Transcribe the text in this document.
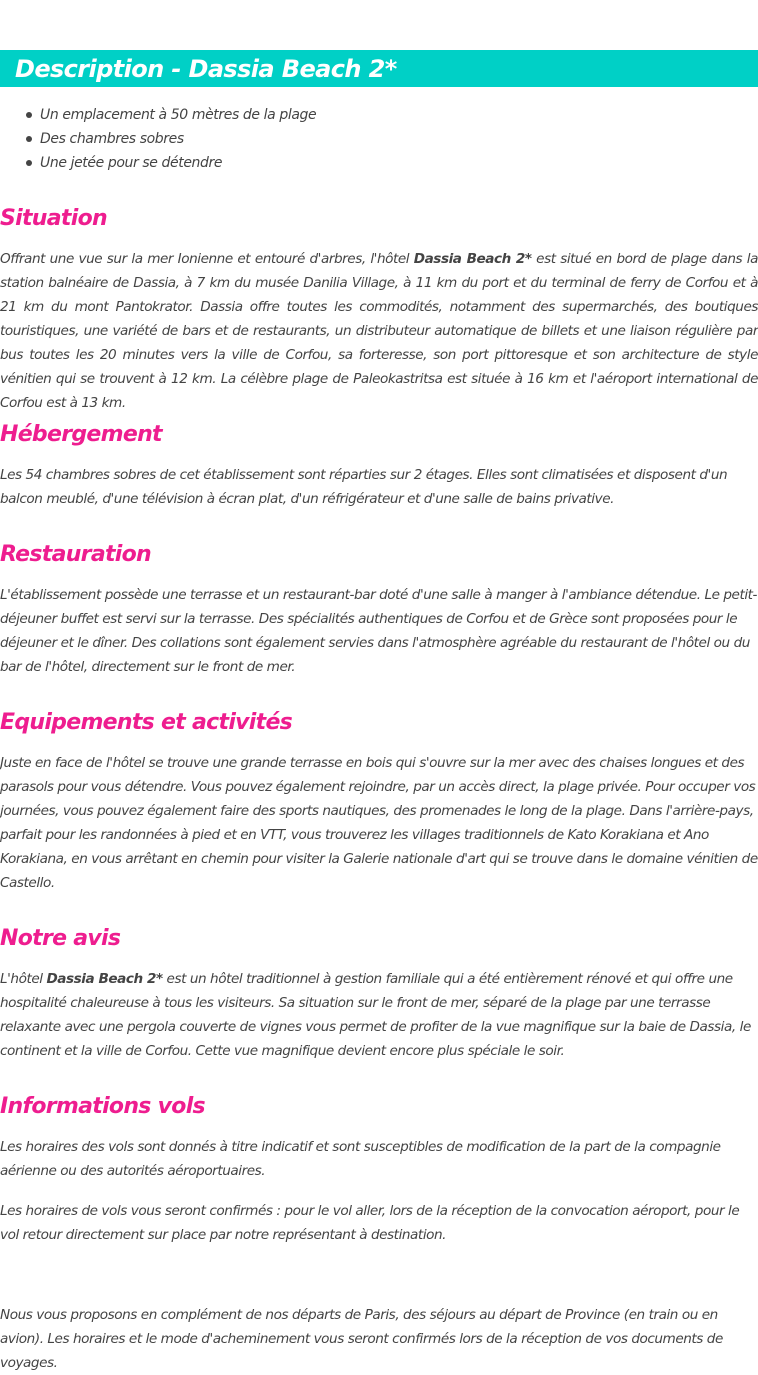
Description - Dassia Beach 2*
Un emplacement à 50 mètres de la plage
Des chambres sobres
Une jetée pour se détendre
Situation

Offrant une vue sur la mer Ionienne et entouré d'arbres, l'hôtel Dassia Beach 2* est situé en bord de plage dans la station balnéaire de Dassia, à 7 km du musée Danilia Village, à 11 km du port et du terminal de ferry de Corfou et à 21 km du mont Pantokrator. Dassia offre toutes les commodités, notamment des supermarchés, des boutiques touristiques, une variété de bars et de restaurants, un distributeur automatique de billets et une liaison régulière par bus toutes les 20 minutes vers la ville de Corfou, sa forteresse, son port pittoresque et son architecture de style vénitien qui se trouvent à 12 km. La célèbre plage de Paleokastritsa est située à 16 km et l'aéroport international de Corfou est à 13 km.

Hébergement

Les 54 chambres sobres de cet établissement sont réparties sur 2 étages. Elles sont climatisées et disposent d'un balcon meublé, d'une télévision à écran plat, d'un réfrigérateur et d'une salle de bains privative.

Restauration

L'établissement possède une terrasse et un restaurant-bar doté d'une salle à manger à l'ambiance détendue. Le petit-déjeuner buffet est servi sur la terrasse. Des spécialités authentiques de Corfou et de Grèce sont proposées pour le déjeuner et le dîner. Des collations sont également servies dans l'atmosphère agréable du restaurant de l'hôtel ou du bar de l'hôtel, directement sur le front de mer.

Equipements et activités

Juste en face de l'hôtel se trouve une grande terrasse en bois qui s'ouvre sur la mer avec des chaises longues et des parasols pour vous détendre. Vous pouvez également rejoindre, par un accès direct, la plage privée. Pour occuper vos journées, vous pouvez également faire des sports nautiques, des promenades le long de la plage. Dans l'arrière-pays, parfait pour les randonnées à pied et en VTT, vous trouverez les villages traditionnels de Kato Korakiana et Ano Korakiana, en vous arrêtant en chemin pour visiter la Galerie nationale d'art qui se trouve dans le domaine vénitien de Castello.

Notre avis

L'hôtel Dassia Beach 2* est un hôtel traditionnel à gestion familiale qui a été entièrement rénové et qui offre une hospitalité chaleureuse à tous les visiteurs. Sa situation sur le front de mer, séparé de la plage par une terrasse relaxante avec une pergola couverte de vignes vous permet de profiter de la vue magnifique sur la baie de Dassia, le continent et la ville de Corfou. Cette vue magnifique devient encore plus spéciale le soir.

Informations vols

Les horaires des vols sont donnés à titre indicatif et sont susceptibles de modification de la part de la compagnie aérienne ou des autorités aéroportuaires.

Les horaires de vols vous seront confirmés : pour le vol aller, lors de la réception de la convocation aéroport, pour le vol retour directement sur place par notre représentant à destination.

Nous vous proposons en complément de nos départs de Paris, des séjours au départ de Province (en train ou en avion). Les horaires et le mode d'acheminement vous seront confirmés lors de la réception de vos documents de voyages.
